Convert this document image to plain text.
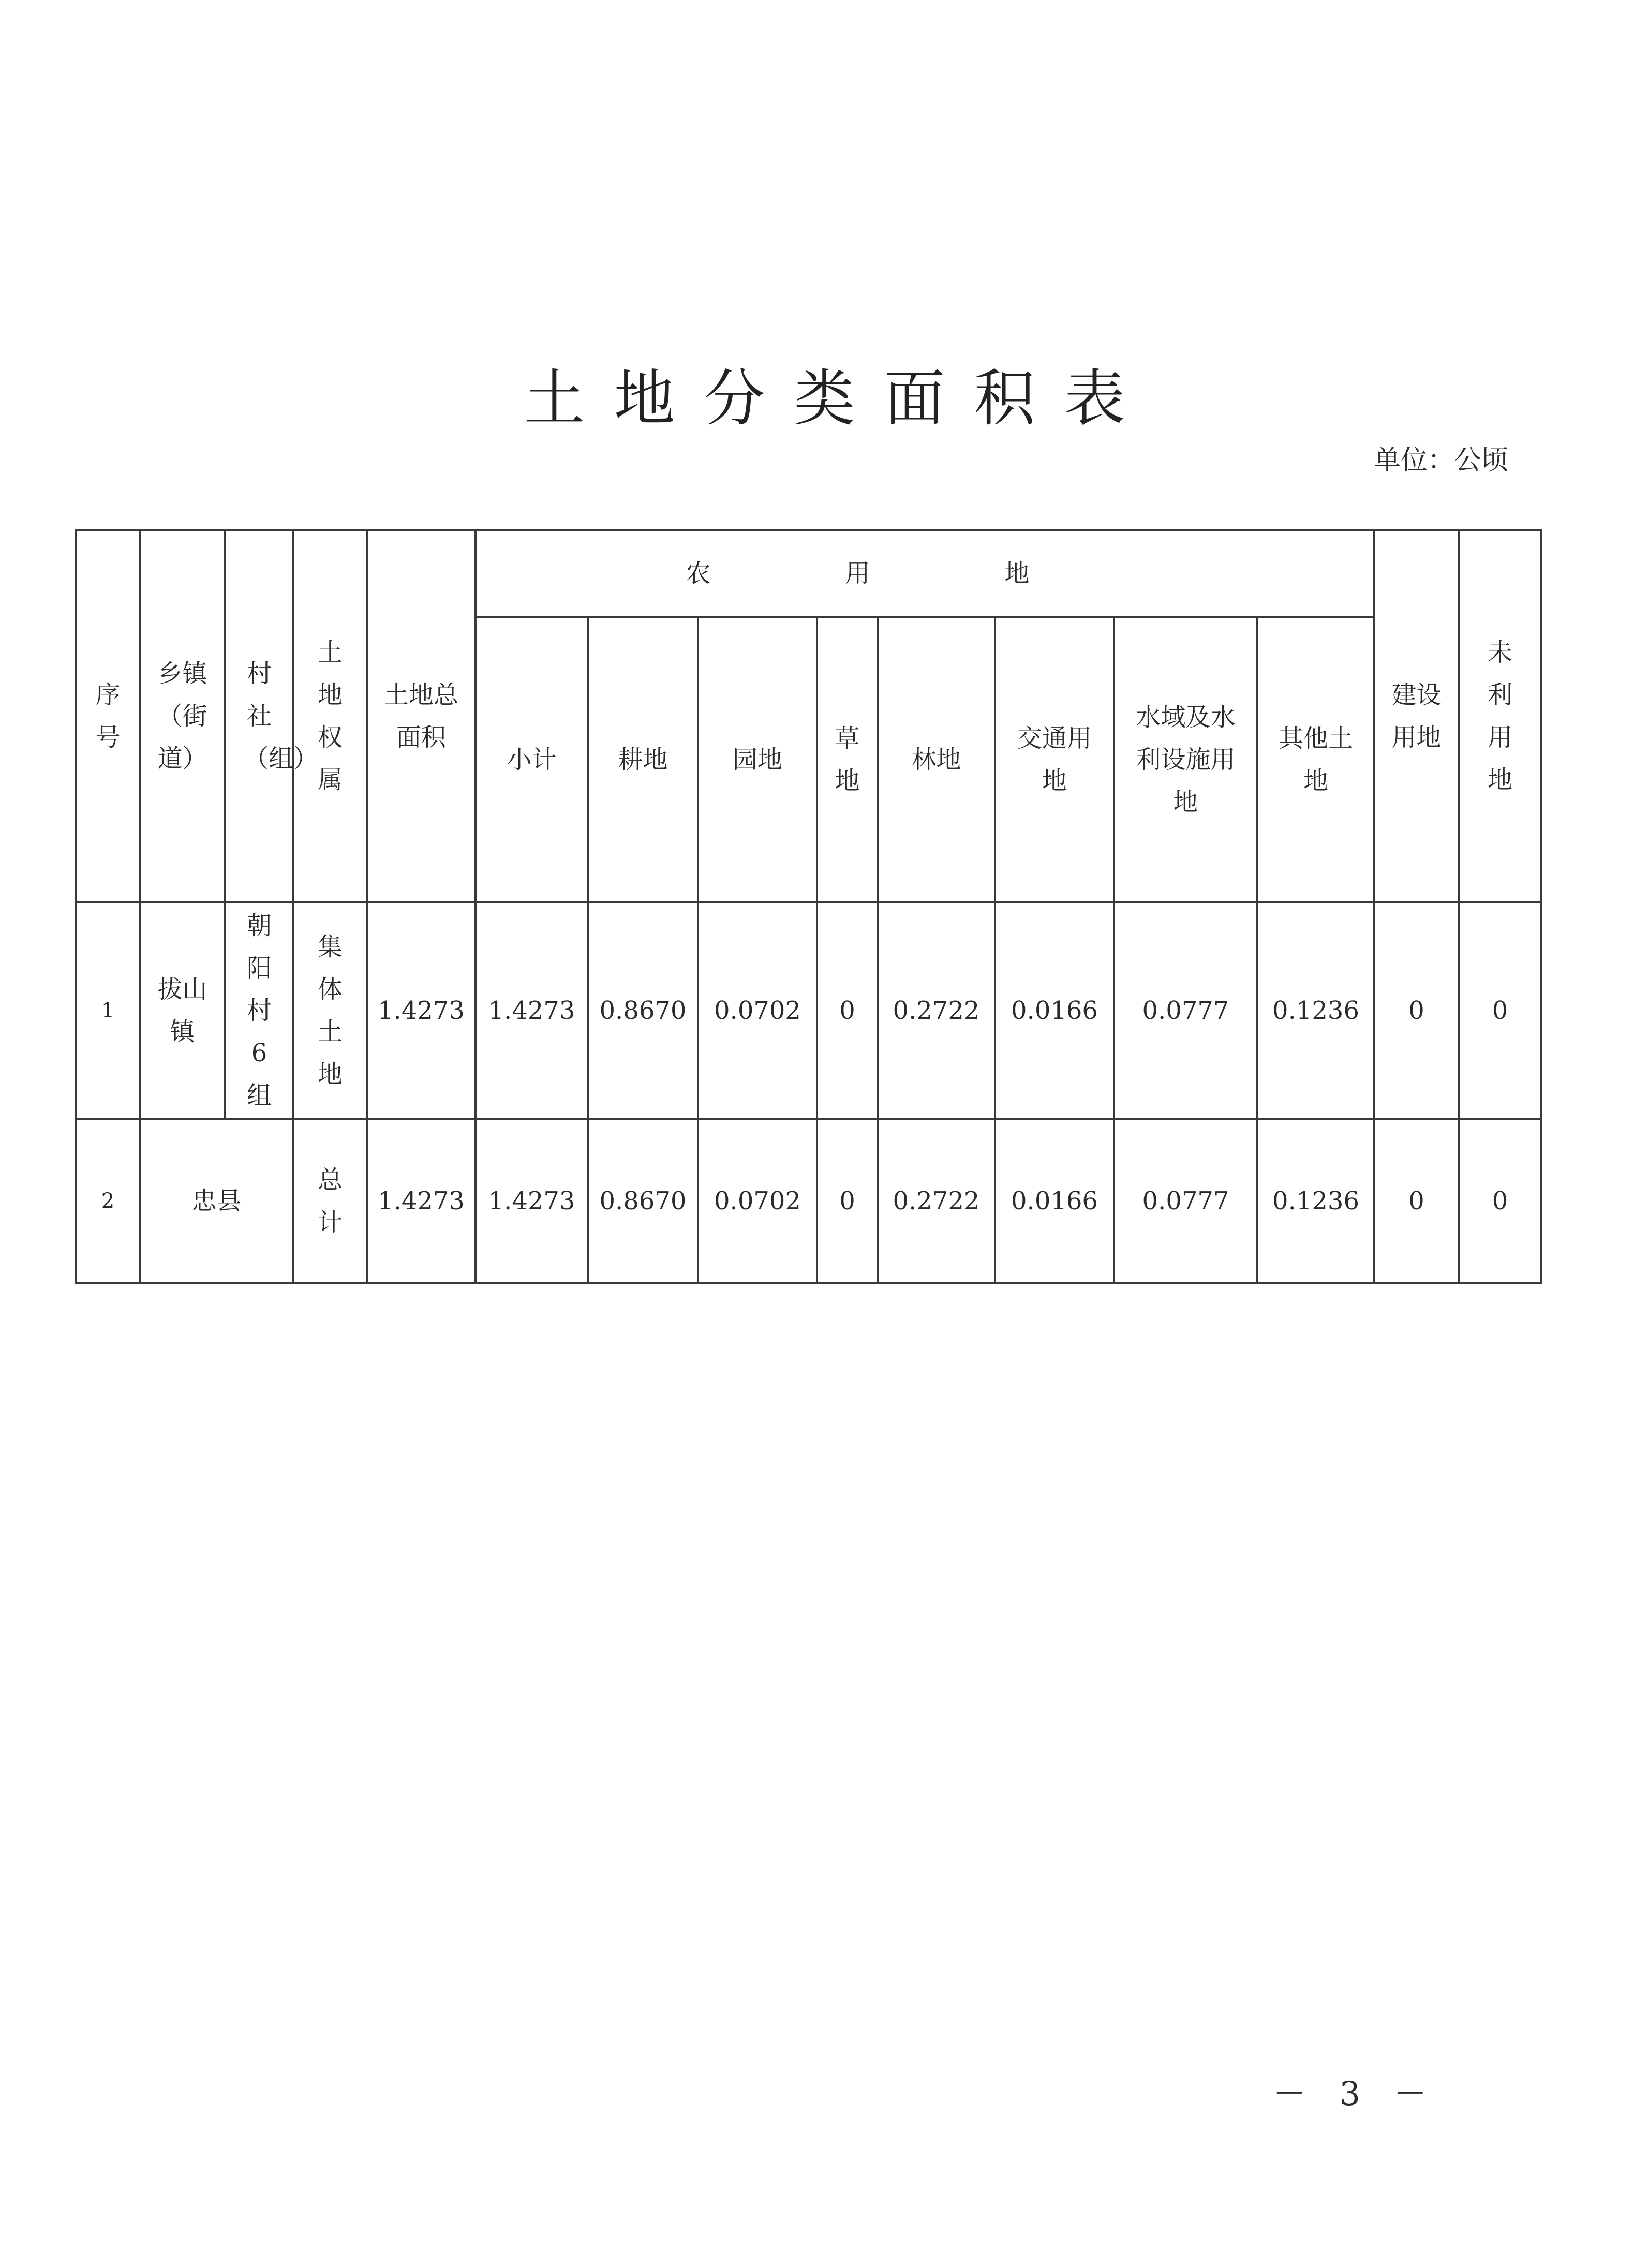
土地分类面积表
单位：公顷
序号	乡镇（街道）	村社（组）	土地权属	土地总面积	农用地								建设用地	未利用地
					小计	耕地	园地	草地	林地	交通用地	水域及水利设施用地	其他土地		
1	拔山镇	朝阳村6组	集体土地	1.4273	1.4273	0.8670	0.0702	0	0.2722	0.0166	0.0777	0.1236	0	0
2	忠县		总计	1.4273	1.4273	0.8670	0.0702	0	0.2722	0.0166	0.0777	0.1236	0	0
－ 3 －
